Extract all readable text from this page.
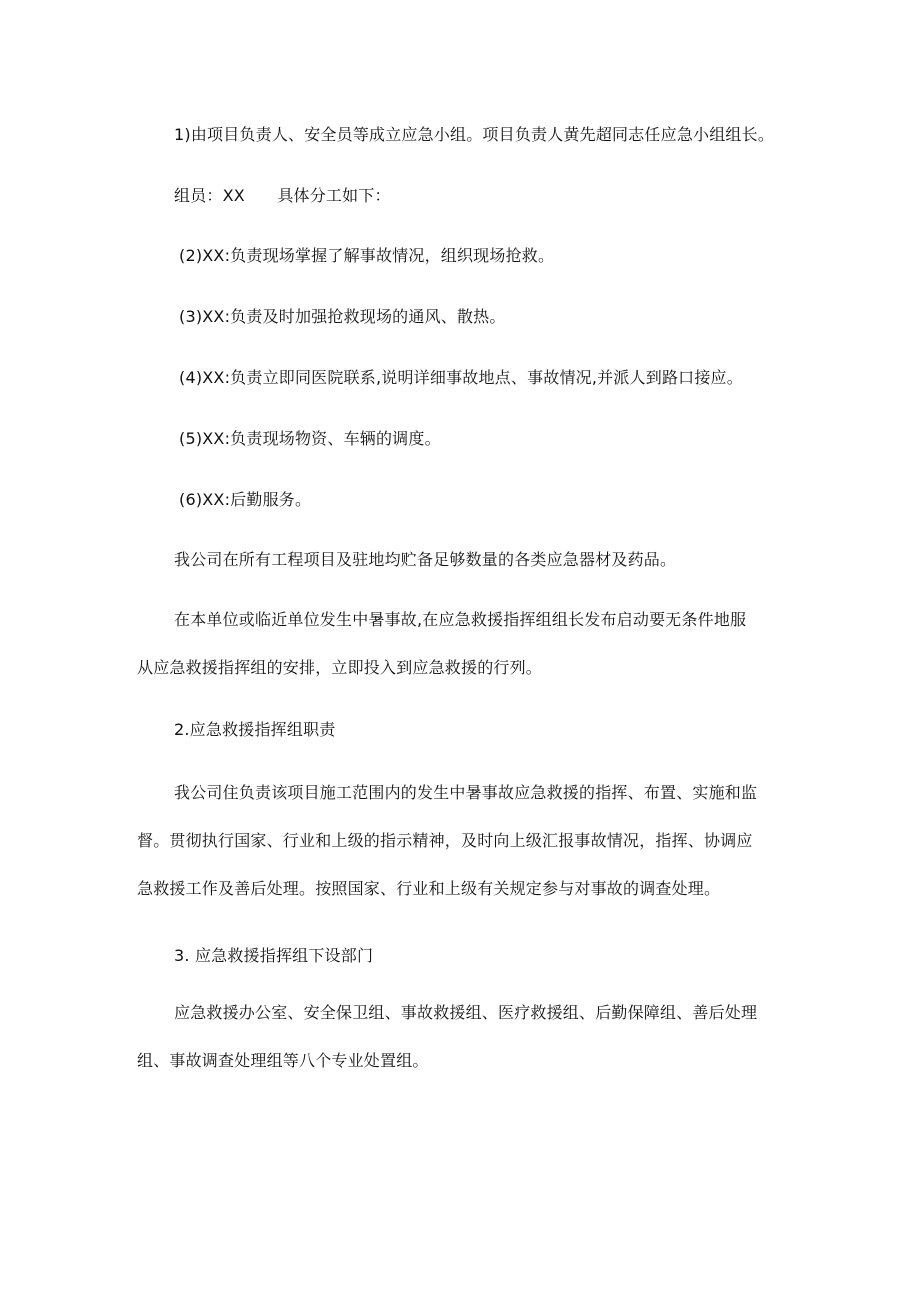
1)由项目负责人、安全员等成立应急小组。项目负责人黄先超同志任应急小组组长。
组员：XX　　具体分工如下：
(2)XX:负责现场掌握了解事故情况，组织现场抢救。
(3)XX:负责及时加强抢救现场的通风、散热。
(4)XX:负责立即同医院联系,说明详细事故地点、事故情况,并派人到路口接应。
(5)XX:负责现场物资、车辆的调度。
(6)XX:后勤服务。
我公司在所有工程项目及驻地均贮备足够数量的各类应急器材及药品。
在本单位或临近单位发生中暑事故,在应急救援指挥组组长发布启动要无条件地服
从应急救援指挥组的安排，立即投入到应急救援的行列。
2.应急救援指挥组职责
我公司住负责该项目施工范围内的发生中暑事故应急救援的指挥、布置、实施和监
督。贯彻执行国家、行业和上级的指示精神，及时向上级汇报事故情况，指挥、协调应
急救援工作及善后处理。按照国家、行业和上级有关规定参与对事故的调查处理。
3. 应急救援指挥组下设部门
应急救援办公室、安全保卫组、事故救援组、医疗救援组、后勤保障组、善后处理
组、事故调查处理组等八个专业处置组。
